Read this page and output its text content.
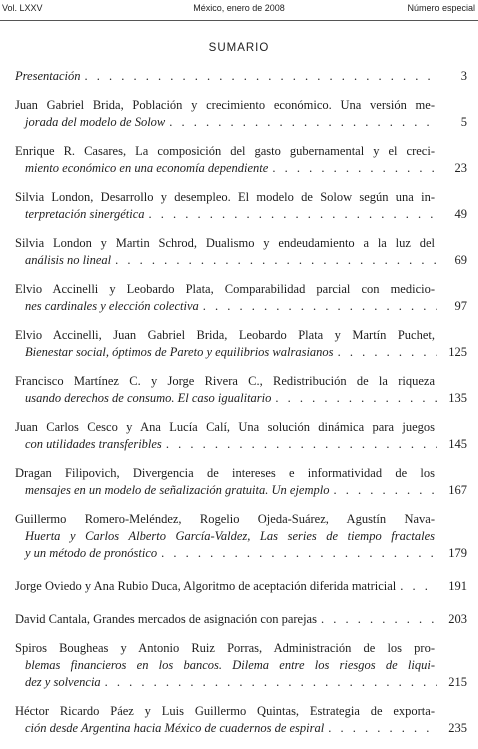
Vol. LXXV	México, enero de 2008	Número especial
SUMARIO
Presentación . . .	3
Juan Gabriel Brida, Población y crecimiento económico. Una versión me-
jorada del modelo de Solow . . .	5
Enrique R. Casares, La composición del gasto gubernamental y el creci-
miento económico en una economía dependiente . . .	23
Silvia London, Desarrollo y desempleo. El modelo de Solow según una in-
terpretación sinergética . . .	49
Silvia London y Martin Schrod, Dualismo y endeudamiento a la luz del
análisis no lineal . . .	69
Elvio Accinelli y Leobardo Plata, Comparabilidad parcial con medicio-
nes cardinales y elección colectiva . . .	97
Elvio Accinelli, Juan Gabriel Brida, Leobardo Plata y Martín Puchet,
Bienestar social, óptimos de Pareto y equilibrios walrasianos . . .	125
Francisco Martínez C. y Jorge Rivera C., Redistribución de la riqueza
usando derechos de consumo. El caso igualitario . . .	135
Juan Carlos Cesco y Ana Lucía Calí, Una solución dinámica para juegos
con utilidades transferibles . . .	145
Dragan Filipovich, Divergencia de intereses e informatividad de los
mensajes en un modelo de señalización gratuita. Un ejemplo . . .	167
Guillermo Romero-Meléndez, Rogelio Ojeda-Suárez, Agustín Nava-
Huerta y Carlos Alberto García-Valdez, Las series de tiempo fractales
y un método de pronóstico . . .	179
Jorge Oviedo y Ana Rubio Duca, Algoritmo de aceptación diferida matricial . . .	191
David Cantala, Grandes mercados de asignación con parejas . . .	203
Spiros Bougheas y Antonio Ruiz Porras, Administración de los pro-
blemas financieros en los bancos. Dilema entre los riesgos de liqui-
dez y solvencia . . .	215
Héctor Ricardo Páez y Luis Guillermo Quintas, Estrategia de exporta-
ción desde Argentina hacia México de cuadernos de espiral . . .	235
